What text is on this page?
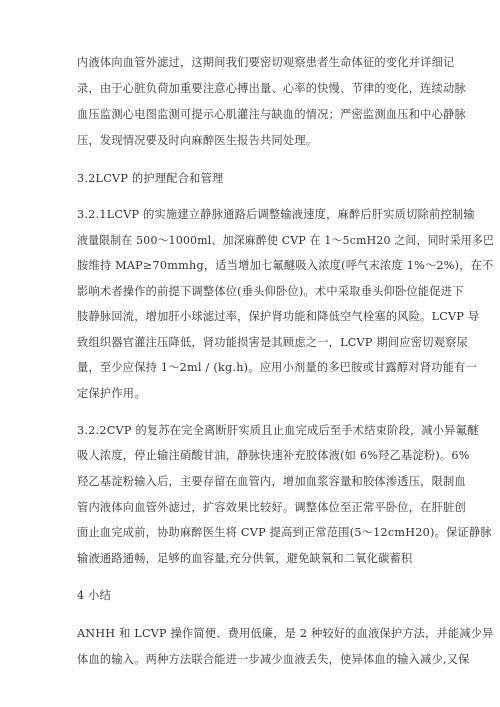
内液体向血管外滤过，这期间我们要密切观察患者生命体征的变化并详细记
录，由于心脏负荷加重要注意心搏出量、心率的快慢、节律的变化，连续动脉
血压监测心电图监测可提示心肌灌注与缺血的情况；严密监测血压和中心静脉
压，发现情况要及时向麻醉医生报告共同处理。
3.2LCVP 的护理配合和管理
3.2.1LCVP 的实施建立静脉通路后调整输液速度，麻醉后肝实质切除前控制输
液量限制在 500～1000ml、加深麻醉使 CVP 在 1～5cmH20 之间，同时采用多巴
胺维持 MAP≥70mmhg，适当增加七氟醚吸入浓度(呼气末浓度 1%～2%)，在不
影响术者操作的前提下调整体位(垂头仰卧位)。术中采取垂头仰卧位能促进下
肢静脉回流，增加肝小球滤过率，保护肾功能和降低空气栓塞的风险。LCVP 导
致组织器官灌注压降低，肾功能损害是其顾虑之一，LCVP 期间应密切观察尿
量，至少应保持 1～2ml / (kg.h)。应用小剂量的多巴胺或甘露醇对肾功能有一
定保护作用。
3.2.2CVP 的复苏在完全离断肝实质且止血完成后至手术结束阶段，减小异氟醚
吸人浓度，停止输注硝酸甘油，静脉快速补充胶体液(如 6%羟乙基淀粉)。6%
羟乙基淀粉输入后，主要存留在血管内，增加血浆容量和胶体渗透压，限制血
管内液体向血管外滤过，扩容效果比较好。调整体位至正常平卧位，在肝脏创
面止血完成前，协助麻醉医生将 CVP 提高到正常范围(5～12cmH20)。保证静脉
输液通路通畅，足够的血容量,充分供氧，避免缺氧和二氧化碳蓄积
4 小结
ANHH 和 LCVP 操作简便、费用低廉，是 2 种较好的血液保护方法，并能减少异
体血的输入。两种方法联合能进一步减少血液丢失，使异体血的输入减少,又保
